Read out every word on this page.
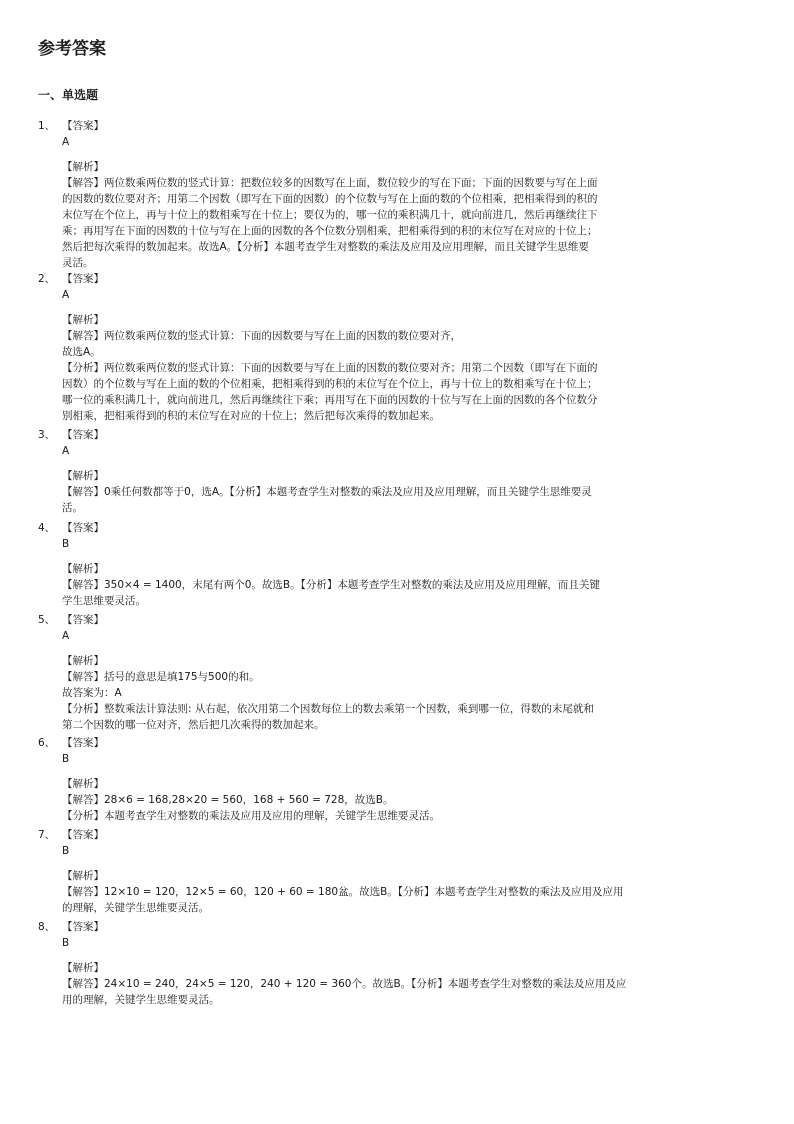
参考答案
一、单选题
1、 【答案】
A
【解析】
【解答】两位数乘两位数的竖式计算：把数位较多的因数写在上面，数位较少的写在下面；下面的因数要与写在上面
的因数的数位要对齐；用第二个因数（即写在下面的因数）的个位数与写在上面的数的个位相乘，把相乘得到的积的
末位写在个位上，再与十位上的数相乘写在十位上；要仅为的，哪一位的乘积满几十，就向前进几，然后再继续往下
乘；再用写在下面的因数的十位与写在上面的因数的各个位数分别相乘，把相乘得到的积的末位写在对应的十位上；
然后把每次乘得的数加起来。故选A。【分析】本题考查学生对整数的乘法及应用及应用理解，而且关键学生思维要
灵活。
2、 【答案】
A
【解析】
【解答】两位数乘两位数的竖式计算：下面的因数要与写在上面的因数的数位要对齐，
故选A。
【分析】两位数乘两位数的竖式计算：下面的因数要与写在上面的因数的数位要对齐；用第二个因数（即写在下面的
因数）的个位数与写在上面的数的个位相乘，把相乘得到的积的末位写在个位上，再与十位上的数相乘写在十位上；
哪一位的乘积满几十，就向前进几，然后再继续往下乘；再用写在下面的因数的十位与写在上面的因数的各个位数分
别相乘，把相乘得到的积的末位写在对应的十位上；然后把每次乘得的数加起来。
3、 【答案】
A
【解析】
【解答】0乘任何数都等于0，选A。【分析】本题考查学生对整数的乘法及应用及应用理解，而且关键学生思维要灵
活。
4、 【答案】
B
【解析】
【解答】350×4 = 1400，末尾有两个0。故选B。【分析】本题考查学生对整数的乘法及应用及应用理解，而且关键
学生思维要灵活。
5、 【答案】
A
【解析】
【解答】括号的意思是填175与500的和。
故答案为：A
【分析】整数乘法计算法则: 从右起，依次用第二个因数每位上的数去乘第一个因数，乘到哪一位，得数的末尾就和
第二个因数的哪一位对齐，然后把几次乘得的数加起来。
6、 【答案】
B
【解析】
【解答】28×6 = 168,28×20 = 560，168 + 560 = 728，故选B。
【分析】本题考查学生对整数的乘法及应用及应用的理解，关键学生思维要灵活。
7、 【答案】
B
【解析】
【解答】12×10 = 120，12×5 = 60，120 + 60 = 180盆。故选B。【分析】本题考查学生对整数的乘法及应用及应用
的理解，关键学生思维要灵活。
8、 【答案】
B
【解析】
【解答】24×10 = 240，24×5 = 120，240 + 120 = 360个。故选B。【分析】本题考查学生对整数的乘法及应用及应
用的理解，关键学生思维要灵活。
